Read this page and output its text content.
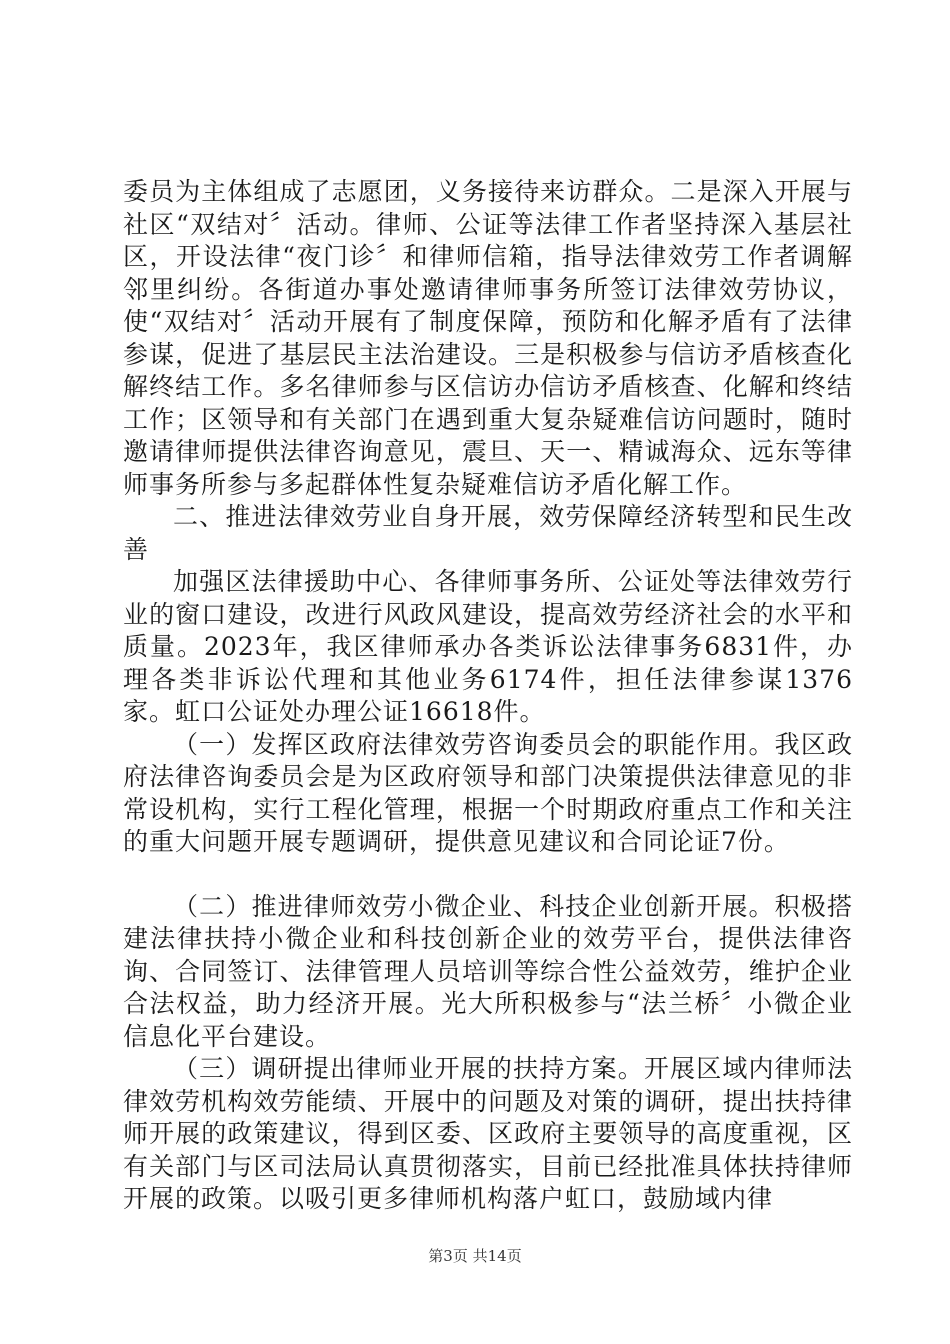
委员为主体组成了志愿团，义务接待来访群众。二是深入开展与社区“双结对〞活动。律师、公证等法律工作者坚持深入基层社区，开设法律“夜门诊〞和律师信箱，指导法律效劳工作者调解邻里纠纷。各街道办事处邀请律师事务所签订法律效劳协议，使“双结对〞活动开展有了制度保障，预防和化解矛盾有了法律参谋，促进了基层民主法治建设。三是积极参与信访矛盾核查化解终结工作。多名律师参与区信访办信访矛盾核查、化解和终结工作；区领导和有关部门在遇到重大复杂疑难信访问题时，随时邀请律师提供法律咨询意见，震旦、天一、精诚海众、远东等律师事务所参与多起群体性复杂疑难信访矛盾化解工作。

二、推进法律效劳业自身开展，效劳保障经济转型和民生改善

加强区法律援助中心、各律师事务所、公证处等法律效劳行业的窗口建设，改进行风政风建设，提高效劳经济社会的水平和质量。2023年，我区律师承办各类诉讼法律事务6831件，办理各类非诉讼代理和其他业务6174件，担任法律参谋1376家。虹口公证处办理公证16618件。

（一）发挥区政府法律效劳咨询委员会的职能作用。我区政府法律咨询委员会是为区政府领导和部门决策提供法律意见的非常设机构，实行工程化管理，根据一个时期政府重点工作和关注的重大问题开展专题调研，提供意见建议和合同论证7份。

（二）推进律师效劳小微企业、科技企业创新开展。积极搭建法律扶持小微企业和科技创新企业的效劳平台，提供法律咨询、合同签订、法律管理人员培训等综合性公益效劳，维护企业合法权益，助力经济开展。光大所积极参与“法兰桥〞小微企业信息化平台建设。

（三）调研提出律师业开展的扶持方案。开展区域内律师法律效劳机构效劳能绩、开展中的问题及对策的调研，提出扶持律师开展的政策建议，得到区委、区政府主要领导的高度重视，区有关部门与区司法局认真贯彻落实，目前已经批准具体扶持律师开展的政策。以吸引更多律师机构落户虹口，鼓励域内律

第3页 共14页
